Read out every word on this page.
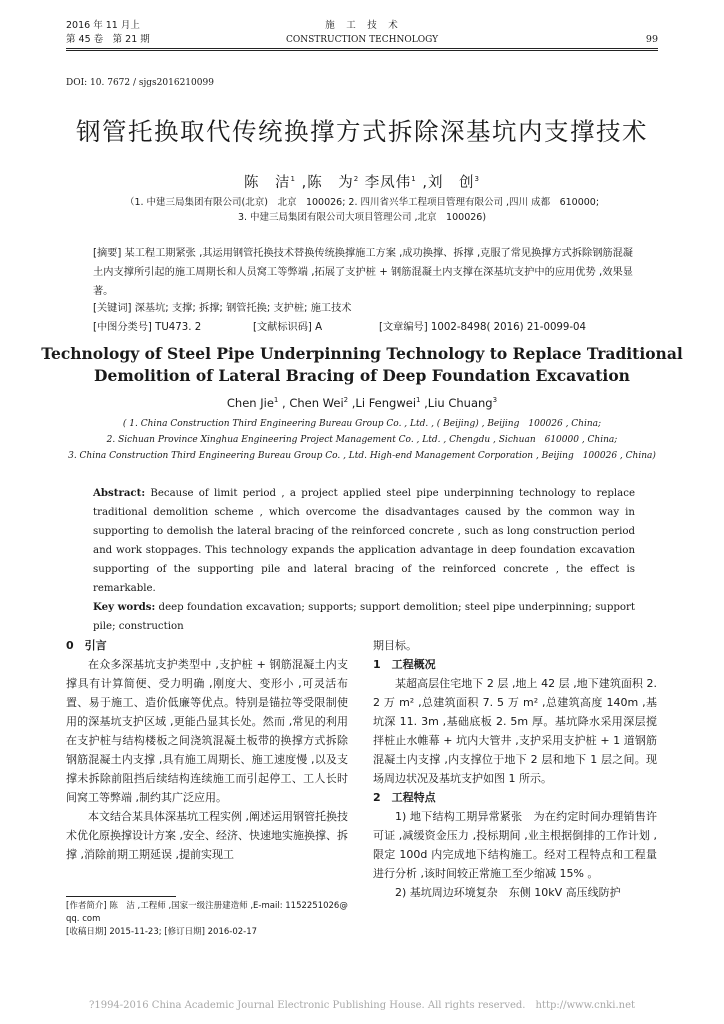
2016 年 11 月上
第 45 卷　第 21 期
施　工　技　术
CONSTRUCTION TECHNOLOGY	99
DOI: 10. 7672 / sjgs2016210099
钢管托换取代传统换撑方式拆除深基坑内支撑技术
陈　洁$^1$ ,陈　为$^2$ 李凤伟$^1$ ,刘　创$^3$
（1. 中建三局集团有限公司(北京)　北京　100026; 2. 四川省兴华工程项目管理有限公司 ,四川 成都　610000;
3. 中建三局集团有限公司大项目管理公司 ,北京　100026)
[摘要] 某工程工期紧张 ,其运用钢管托换技术替换传统换撑施工方案 ,成功换撑、拆撑 ,克服了常见换撑方式拆除钢筋混凝土内支撑所引起的施工周期长和人员窝工等弊端 ,拓展了支护桩 + 钢筋混凝土内支撑在深基坑支护中的应用优势 ,效果显著。
[关键词] 深基坑; 支撑; 拆撑; 钢管托换; 支护桩; 施工技术
[中图分类号] TU473. 2	[文献标识码] A	[文章编号] 1002-8498( 2016) 21-0099-04
Technology of Steel Pipe Underpinning Technology to Replace Traditional Demolition of Lateral Bracing of Deep Foundation Excavation
Chen Jie$^1$ , Chen Wei$^2$ ,Li Fengwei$^1$ ,Liu Chuang$^3$
( 1. China Construction Third Engineering Bureau Group Co. , Ltd. , ( Beijing) , Beijing　100026 , China;
2. Sichuan Province Xinghua Engineering Project Management Co. , Ltd. , Chengdu , Sichuan　610000 , China;
3. China Construction Third Engineering Bureau Group Co. , Ltd. High-end Management Corporation , Beijing　100026 , China)
Abstract: Because of limit period , a project applied steel pipe underpinning technology to replace traditional demolition scheme , which overcome the disadvantages caused by the common way in supporting to demolish the lateral bracing of the reinforced concrete , such as long construction period and work stoppages. This technology expands the application advantage in deep foundation excavation supporting of the supporting pile and lateral bracing of the reinforced concrete , the effect is remarkable.
Key words: deep foundation excavation; supports; support demolition; steel pipe underpinning; support pile; construction

0　引言

在众多深基坑支护类型中 ,支护桩 + 钢筋混凝土内支撑具有计算简便、受力明确 ,刚度大、变形小 ,可灵活布置、易于施工、造价低廉等优点。特别是锚拉等受限制使用的深基坑支护区域 ,更能凸显其长处。然而 ,常见的利用在支护桩与结构楼板之间浇筑混凝土板带的换撑方式拆除钢筋混凝土内支撑 ,具有施工周期长、施工速度慢 ,以及支撑未拆除前阻挡后续结构连续施工而引起停工、工人长时间窝工等弊端 ,制约其广泛应用。

本文结合某具体深基坑工程实例 ,阐述运用钢管托换技术优化原换撑设计方案 ,安全、经济、快速地实施换撑、拆撑 ,消除前期工期延误 ,提前实现工

[作者简介] 陈　洁 ,工程师 ,国家一级注册建造师 ,E-mail: 1152251026@ qq. com
[收稿日期] 2015-11-23; [修订日期] 2016-02-17

期目标。

1　工程概况

某超高层住宅地下 2 层 ,地上 42 层 ,地下建筑面积 2. 2 万 m² ,总建筑面积 7. 5 万 m² ,总建筑高度 140m ,基坑深 11. 3m ,基础底板 2. 5m 厚。基坑降水采用深层搅拌桩止水帷幕 + 坑内大管井 ,支护采用支护桩 + 1 道钢筋混凝土内支撑 ,内支撑位于地下 2 层和地下 1 层之间。现场周边状况及基坑支护如图 1 所示。

2　工程特点

1) 地下结构工期异常紧张　为在约定时间办理销售许可证 ,减缓资金压力 ,投标期间 ,业主根据倒排的工作计划 ,限定 100d 内完成地下结构施工。经对工程特点和工程量进行分析 ,该时间较正常施工至少缩减 15% 。

2) 基坑周边环境复杂　东侧 10kV 高压线防护

?1994-2016 China Academic Journal Electronic Publishing House. All rights reserved.　http://www.cnki.net
